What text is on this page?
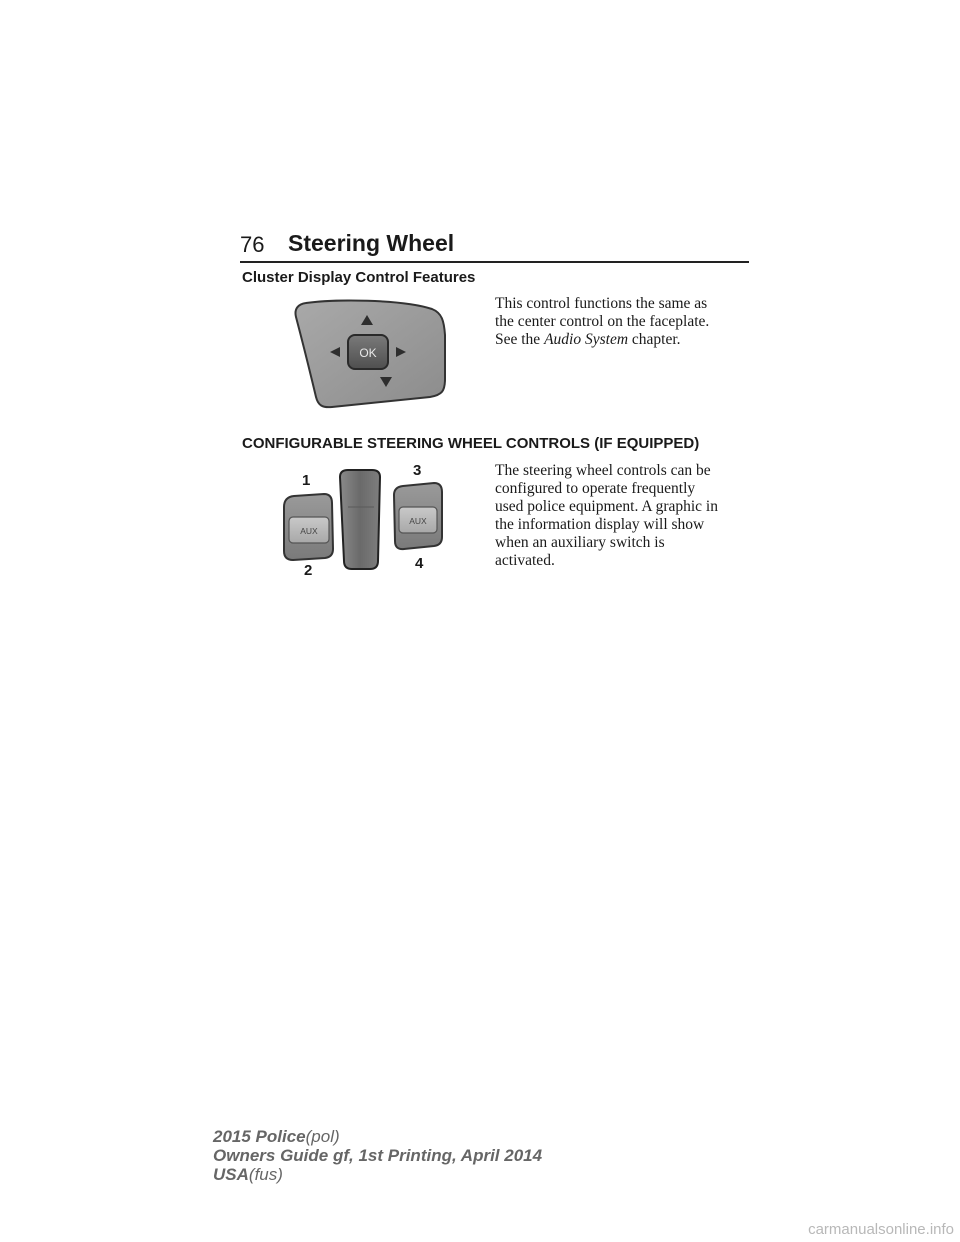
76 Steering Wheel
Cluster Display Control Features
OK
This control functions the same as
the center control on the faceplate.
See the Audio System chapter.
CONFIGURABLE STEERING WHEEL CONTROLS (IF EQUIPPED)
AUX
AUX
1
2
3
4
The steering wheel controls can be
configured to operate frequently
used police equipment. A graphic in
the information display will show
when an auxiliary switch is
activated.
2015 Police(pol)
Owners Guide gf, 1st Printing, April 2014
USA(fus)
carmanualsonline.info
